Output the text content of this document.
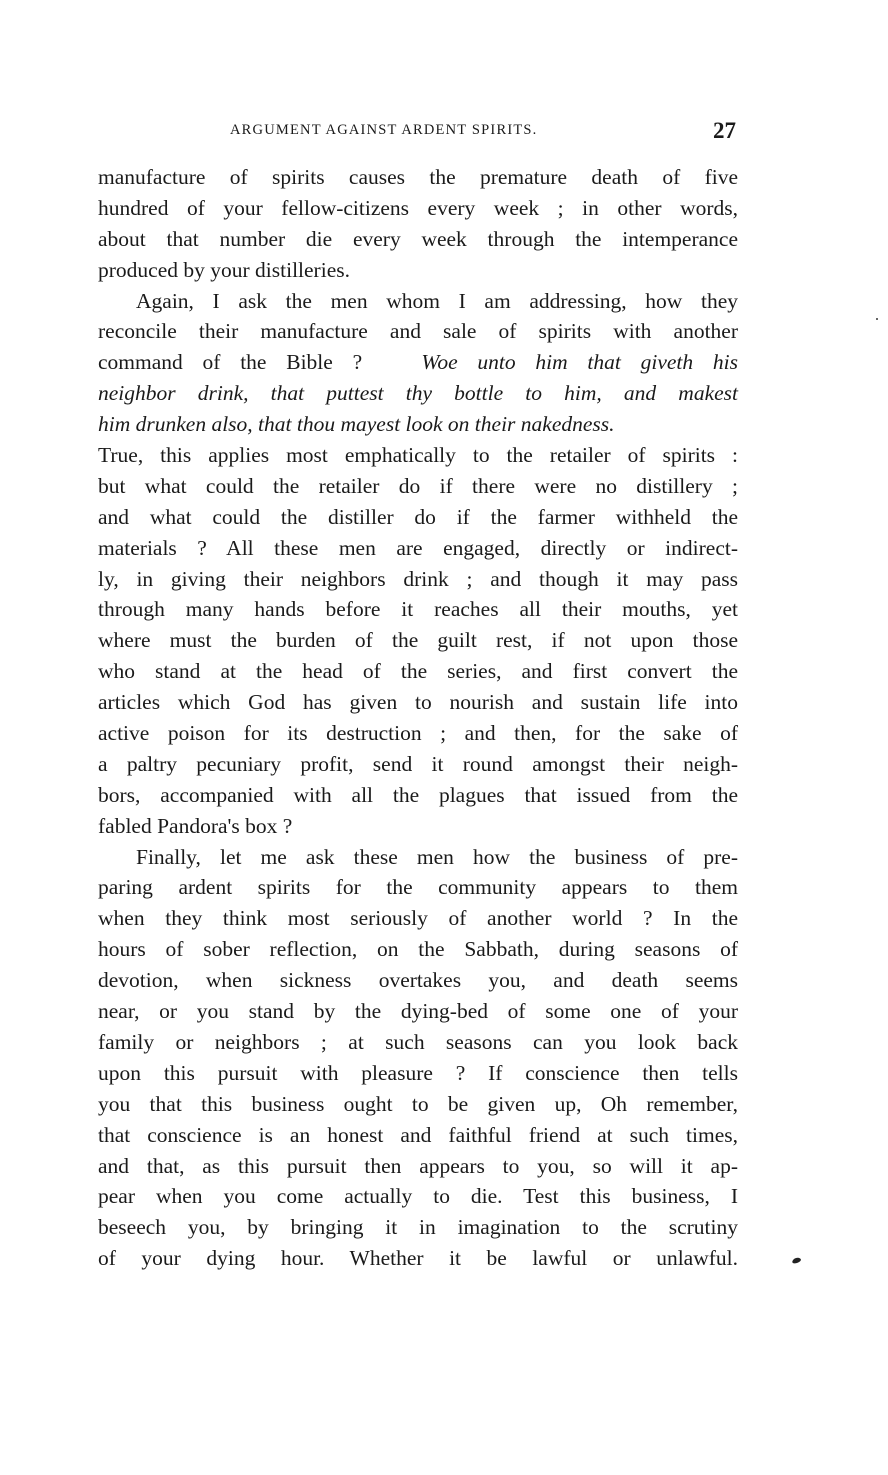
ARGUMENT AGAINST ARDENT SPIRITS.	27
manufacture of spirits causes the premature death of five
hundred of your fellow-citizens every week ; in other words,
about that number die every week through the intemperance
produced by your distilleries.
Again, I ask the men whom I am addressing, how they
reconcile their manufacture and sale of spirits with another
command of the Bible ?	Woe unto him that giveth his
neighbor drink, that puttest thy bottle to him, and makest
him drunken also, that thou mayest look on their nakedness.
True, this applies most emphatically to the retailer of spirits :
but what could the retailer do if there were no distillery ;
and what could the distiller do if the farmer withheld the
materials ? All these men are engaged, directly or indirect-
ly, in giving their neighbors drink ; and though it may pass
through many hands before it reaches all their mouths, yet
where must the burden of the guilt rest, if not upon those
who stand at the head of the series, and first convert the
articles which God has given to nourish and sustain life into
active poison for its destruction ; and then, for the sake of
a paltry pecuniary profit, send it round amongst their neigh-
bors, accompanied with all the plagues that issued from the
fabled Pandora's box ?
Finally, let me ask these men how the business of pre-
paring ardent spirits for the community appears to them
when they think most seriously of another world ? In the
hours of sober reflection, on the Sabbath, during seasons of
devotion, when sickness overtakes you, and death seems
near, or you stand by the dying-bed of some one of your
family or neighbors ; at such seasons can you look back
upon this pursuit with pleasure ? If conscience then tells
you that this business ought to be given up, Oh remember,
that conscience is an honest and faithful friend at such times,
and that, as this pursuit then appears to you, so will it ap-
pear when you come actually to die. Test this business, I
beseech you, by bringing it in imagination to the scrutiny
of your dying hour. Whether it be lawful or unlawful.
